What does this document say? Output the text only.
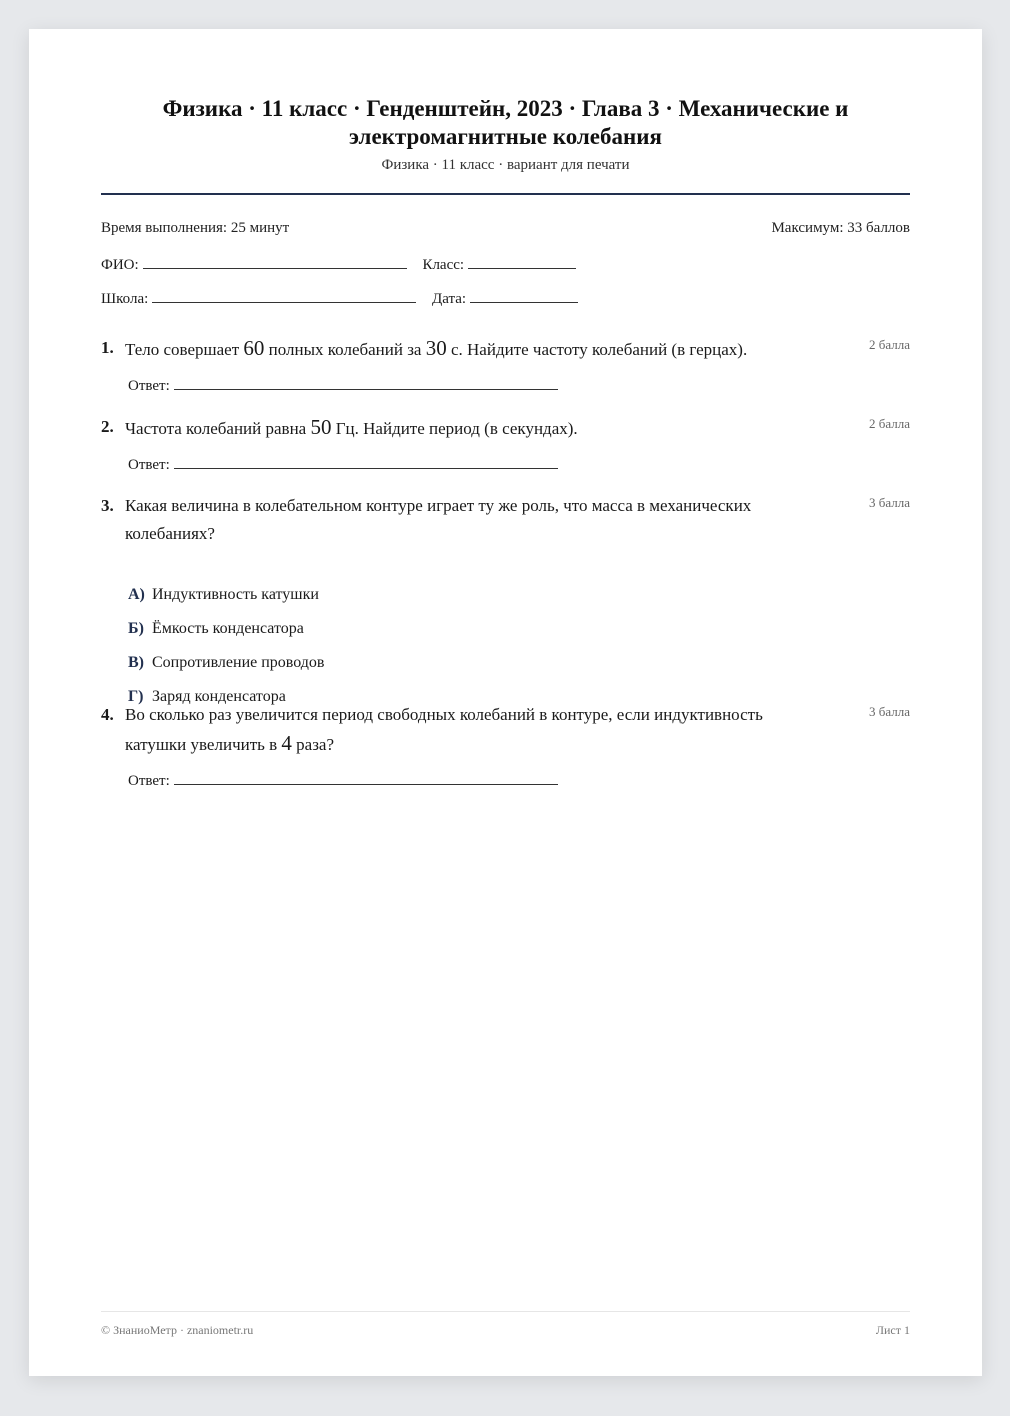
Физика · 11 класс · Генденштейн, 2023 · Глава 3 · Механические и электромагнитные колебания
Физика · 11 класс · вариант для печати
Время выполнения: 25 минут	Максимум: 33 баллов
ФИО:	Класс:
Школа:	Дата:
1. Тело совершает 60 полных колебаний за 30 с. Найдите частоту колебаний (в герцах).	2 балла
Ответ:
2. Частота колебаний равна 50 Гц. Найдите период (в секундах).	2 балла
Ответ:
3. Какая величина в колебательном контуре играет ту же роль, что масса в механических колебаниях?
3 балла
А) Индуктивность катушки
Б) Ёмкость конденсатора
В) Сопротивление проводов
Г) Заряд конденсатора
4. Во сколько раз увеличится период свободных колебаний в контуре, если индуктивность катушки увеличить в 4 раза?
3 балла
Ответ:
© ЗнаниоМетр · znaniometr.ru	Лист 1
